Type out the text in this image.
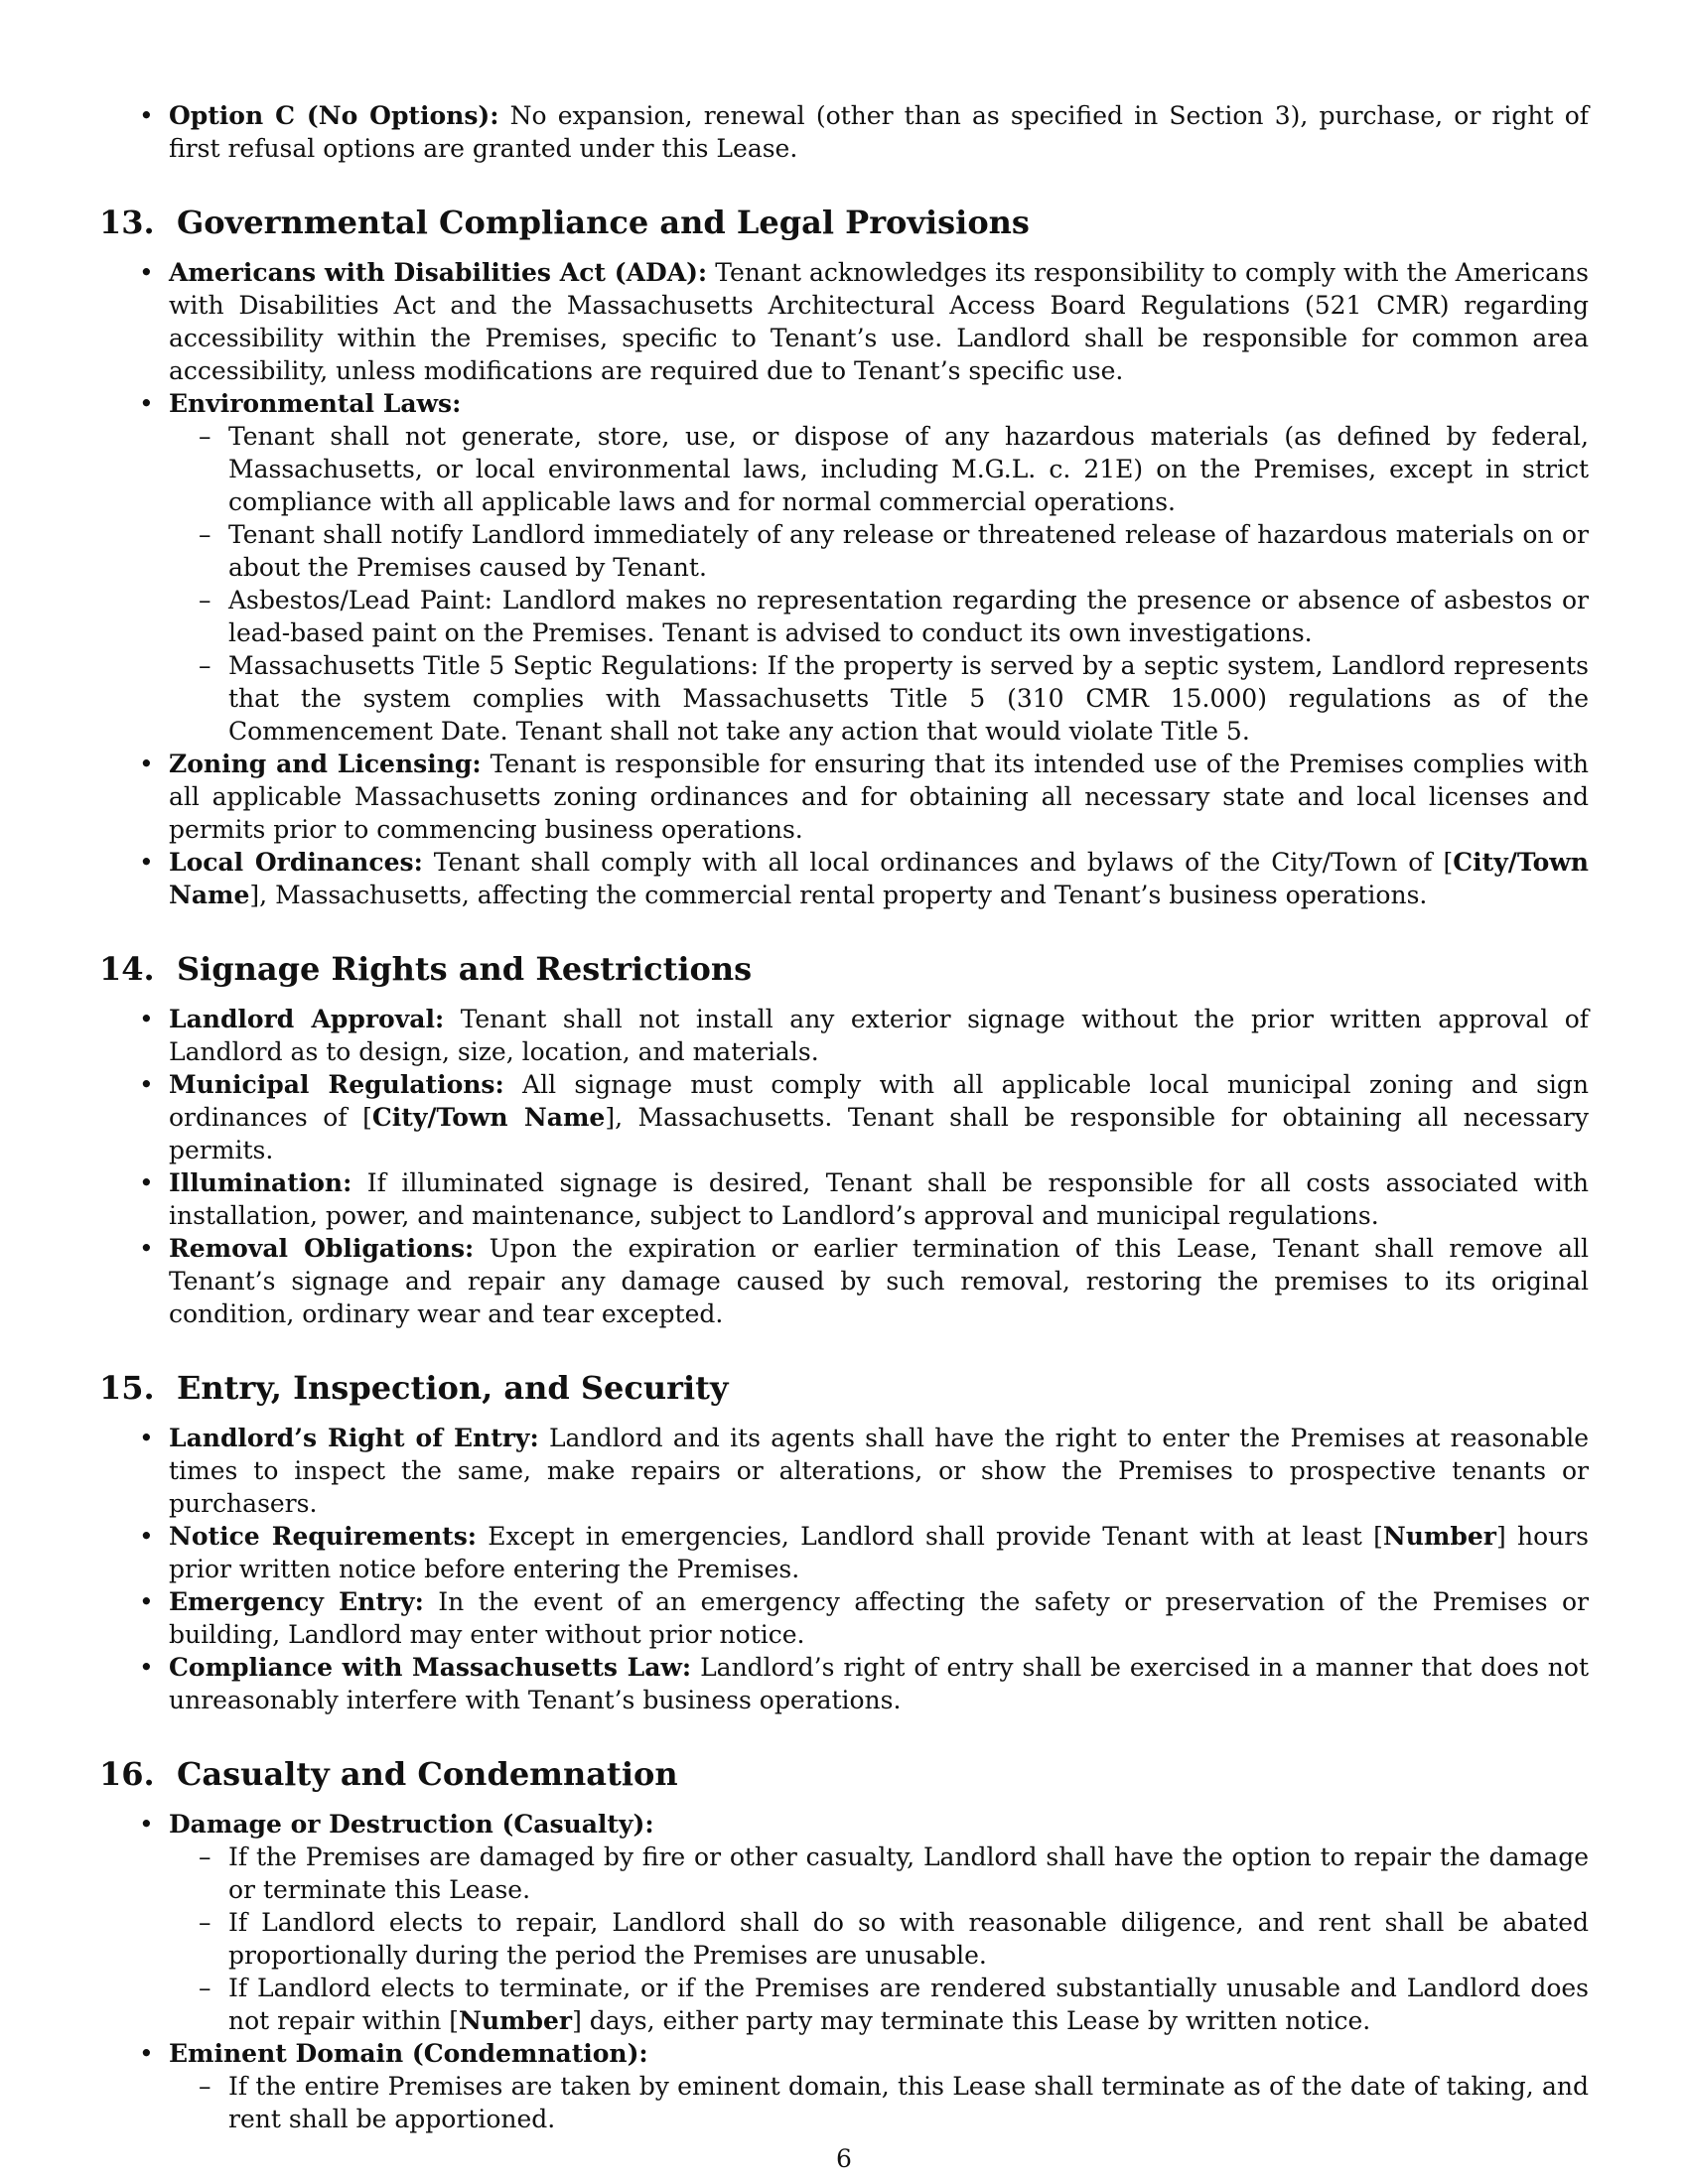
• Option C (No Options): No expansion, renewal (other than as specified in Section 3), purchase, or right of first refusal options are granted under this Lease.
13. Governmental Compliance and Legal Provisions
• Americans with Disabilities Act (ADA): Tenant acknowledges its responsibility to comply with the Americans with Disabilities Act and the Massachusetts Architectural Access Board Regulations (521 CMR) regarding accessibility within the Premises, specific to Tenant’s use. Landlord shall be responsible for common area accessibility, unless modifications are required due to Tenant’s specific use.
• Environmental Laws:
– Tenant shall not generate, store, use, or dispose of any hazardous materials (as defined by federal, Massachusetts, or local environmental laws, including M.G.L. c. 21E) on the Premises, except in strict compliance with all applicable laws and for normal commercial operations.
– Tenant shall notify Landlord immediately of any release or threatened release of hazardous materials on or about the Premises caused by Tenant.
– Asbestos/Lead Paint: Landlord makes no representation regarding the presence or absence of asbestos or lead-based paint on the Premises. Tenant is advised to conduct its own investigations.
– Massachusetts Title 5 Septic Regulations: If the property is served by a septic system, Landlord represents that the system complies with Massachusetts Title 5 (310 CMR 15.000) regulations as of the Commencement Date. Tenant shall not take any action that would violate Title 5.
• Zoning and Licensing: Tenant is responsible for ensuring that its intended use of the Premises complies with all applicable Massachusetts zoning ordinances and for obtaining all necessary state and local licenses and permits prior to commencing business operations.
• Local Ordinances: Tenant shall comply with all local ordinances and bylaws of the City/Town of [City/Town Name], Massachusetts, affecting the commercial rental property and Tenant’s business operations.
14. Signage Rights and Restrictions
• Landlord Approval: Tenant shall not install any exterior signage without the prior written approval of Landlord as to design, size, location, and materials.
• Municipal Regulations: All signage must comply with all applicable local municipal zoning and sign ordinances of [City/Town Name], Massachusetts. Tenant shall be responsible for obtaining all necessary permits.
• Illumination: If illuminated signage is desired, Tenant shall be responsible for all costs associated with installation, power, and maintenance, subject to Landlord’s approval and municipal regulations.
• Removal Obligations: Upon the expiration or earlier termination of this Lease, Tenant shall remove all Tenant’s signage and repair any damage caused by such removal, restoring the premises to its original condition, ordinary wear and tear excepted.
15. Entry, Inspection, and Security
• Landlord’s Right of Entry: Landlord and its agents shall have the right to enter the Premises at reasonable times to inspect the same, make repairs or alterations, or show the Premises to prospective tenants or purchasers.
• Notice Requirements: Except in emergencies, Landlord shall provide Tenant with at least [Number] hours prior written notice before entering the Premises.
• Emergency Entry: In the event of an emergency affecting the safety or preservation of the Premises or building, Landlord may enter without prior notice.
• Compliance with Massachusetts Law: Landlord’s right of entry shall be exercised in a manner that does not unreasonably interfere with Tenant’s business operations.
16. Casualty and Condemnation
• Damage or Destruction (Casualty):
– If the Premises are damaged by fire or other casualty, Landlord shall have the option to repair the damage or terminate this Lease.
– If Landlord elects to repair, Landlord shall do so with reasonable diligence, and rent shall be abated proportionally during the period the Premises are unusable.
– If Landlord elects to terminate, or if the Premises are rendered substantially unusable and Landlord does not repair within [Number] days, either party may terminate this Lease by written notice.
• Eminent Domain (Condemnation):
– If the entire Premises are taken by eminent domain, this Lease shall terminate as of the date of taking, and rent shall be apportioned.
6
